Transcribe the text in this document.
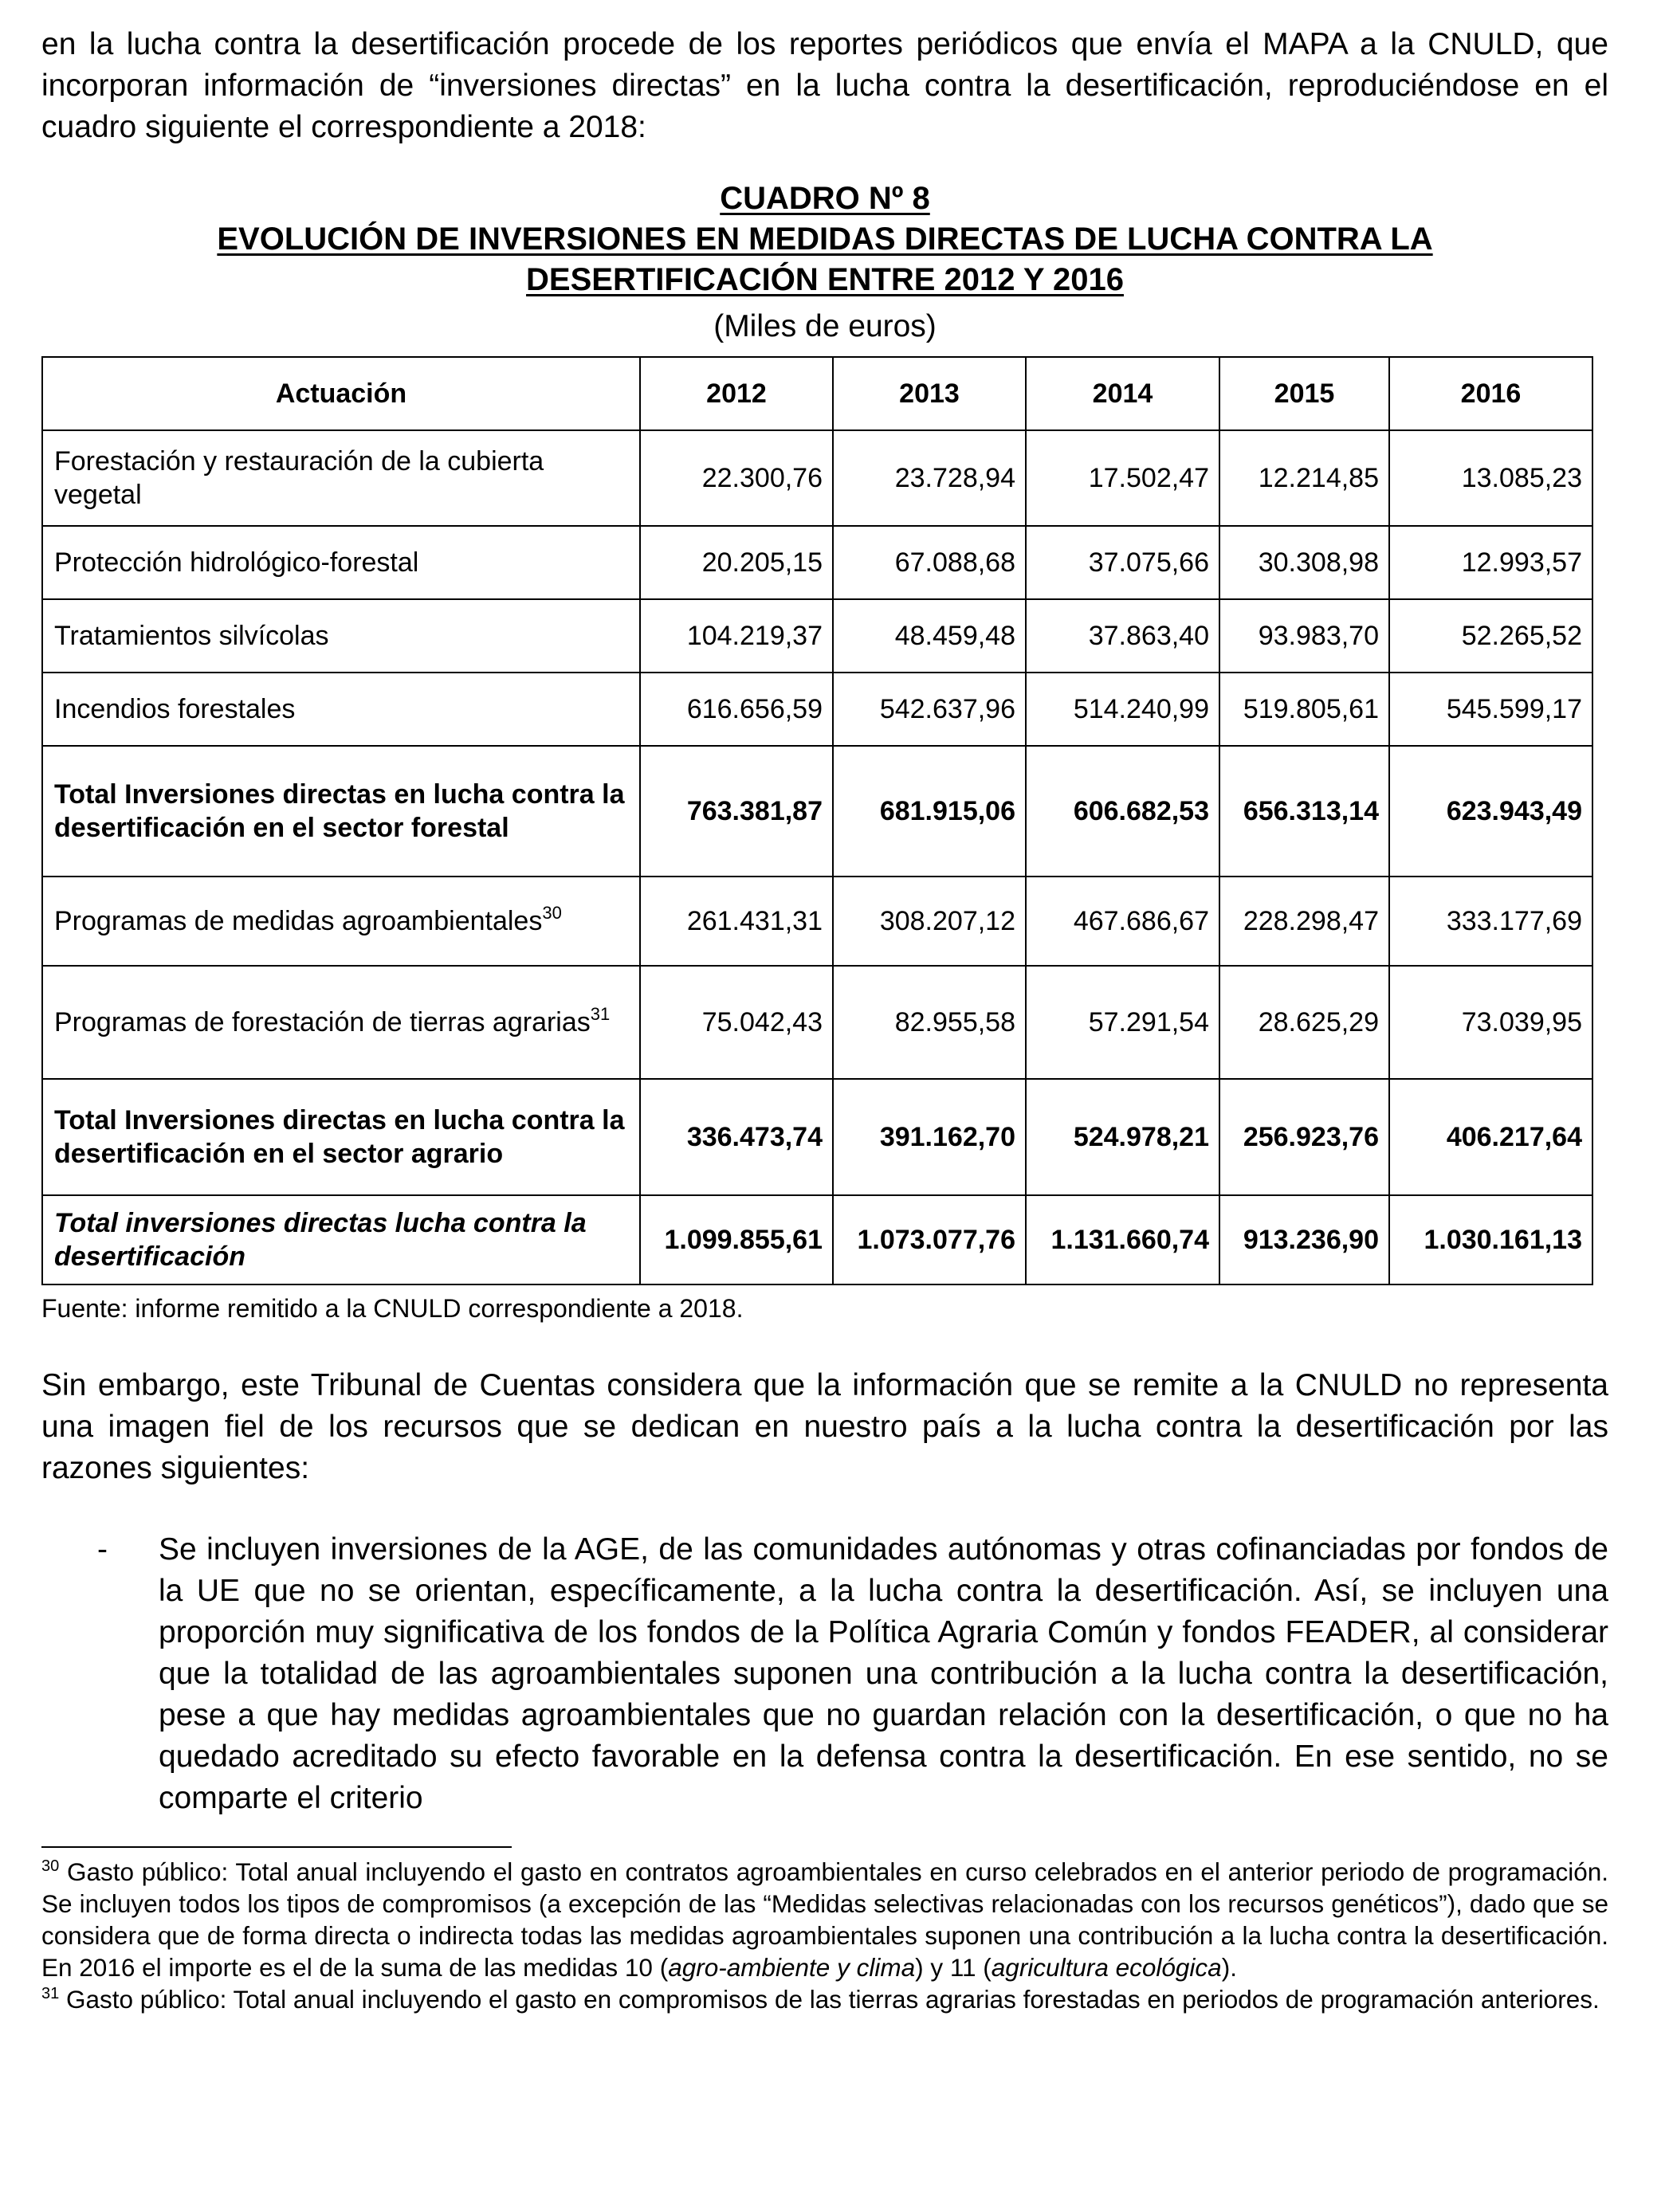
en la lucha contra la desertificación procede de los reportes periódicos que envía el MAPA a la CNULD, que incorporan información de “inversiones directas” en la lucha contra la desertificación, reproduciéndose en el cuadro siguiente el correspondiente a 2018:

CUADRO Nº 8
EVOLUCIÓN DE INVERSIONES EN MEDIDAS DIRECTAS DE LUCHA CONTRA LA
DESERTIFICACIÓN ENTRE 2012 Y 2016
(Miles de euros)
Actuación	2012	2013	2014	2015	2016
Forestación y restauración de la cubierta vegetal	22.300,76	23.728,94	17.502,47	12.214,85	13.085,23
Protección hidrológico-forestal	20.205,15	67.088,68	37.075,66	30.308,98	12.993,57
Tratamientos silvícolas	104.219,37	48.459,48	37.863,40	93.983,70	52.265,52
Incendios forestales	616.656,59	542.637,96	514.240,99	519.805,61	545.599,17
Total Inversiones directas en lucha contra la desertificación en el sector forestal	763.381,87	681.915,06	606.682,53	656.313,14	623.943,49
Programas de medidas agroambientales$^{30}$	261.431,31	308.207,12	467.686,67	228.298,47	333.177,69
Programas de forestación de tierras agrarias$^{31}$	75.042,43	82.955,58	57.291,54	28.625,29	73.039,95
Total Inversiones directas en lucha contra la desertificación en el sector agrario	336.473,74	391.162,70	524.978,21	256.923,76	406.217,64
Total inversiones directas lucha contra la desertificación	1.099.855,61	1.073.077,76	1.131.660,74	913.236,90	1.030.161,13
Fuente: informe remitido a la CNULD correspondiente a 2018.

Sin embargo, este Tribunal de Cuentas considera que la información que se remite a la CNULD no representa una imagen fiel de los recursos que se dedican en nuestro país a la lucha contra la desertificación por las razones siguientes:

- Se incluyen inversiones de la AGE, de las comunidades autónomas y otras cofinanciadas por fondos de la UE que no se orientan, específicamente, a la lucha contra la desertificación. Así, se incluyen una proporción muy significativa de los fondos de la Política Agraria Común y fondos FEADER, al considerar que la totalidad de las agroambientales suponen una contribución a la lucha contra la desertificación, pese a que hay medidas agroambientales que no guardan relación con la desertificación, o que no ha quedado acreditado su efecto favorable en la defensa contra la desertificación. En ese sentido, no se comparte el criterio

$^{30}$ Gasto público: Total anual incluyendo el gasto en contratos agroambientales en curso celebrados en el anterior periodo de programación. Se incluyen todos los tipos de compromisos (a excepción de las “Medidas selectivas relacionadas con los recursos genéticos”), dado que se considera que de forma directa o indirecta todas las medidas agroambientales suponen una contribución a la lucha contra la desertificación. En 2016 el importe es el de la suma de las medidas 10 (agro-ambiente y clima) y 11 (agricultura ecológica).

$^{31}$ Gasto público: Total anual incluyendo el gasto en compromisos de las tierras agrarias forestadas en periodos de programación anteriores.
